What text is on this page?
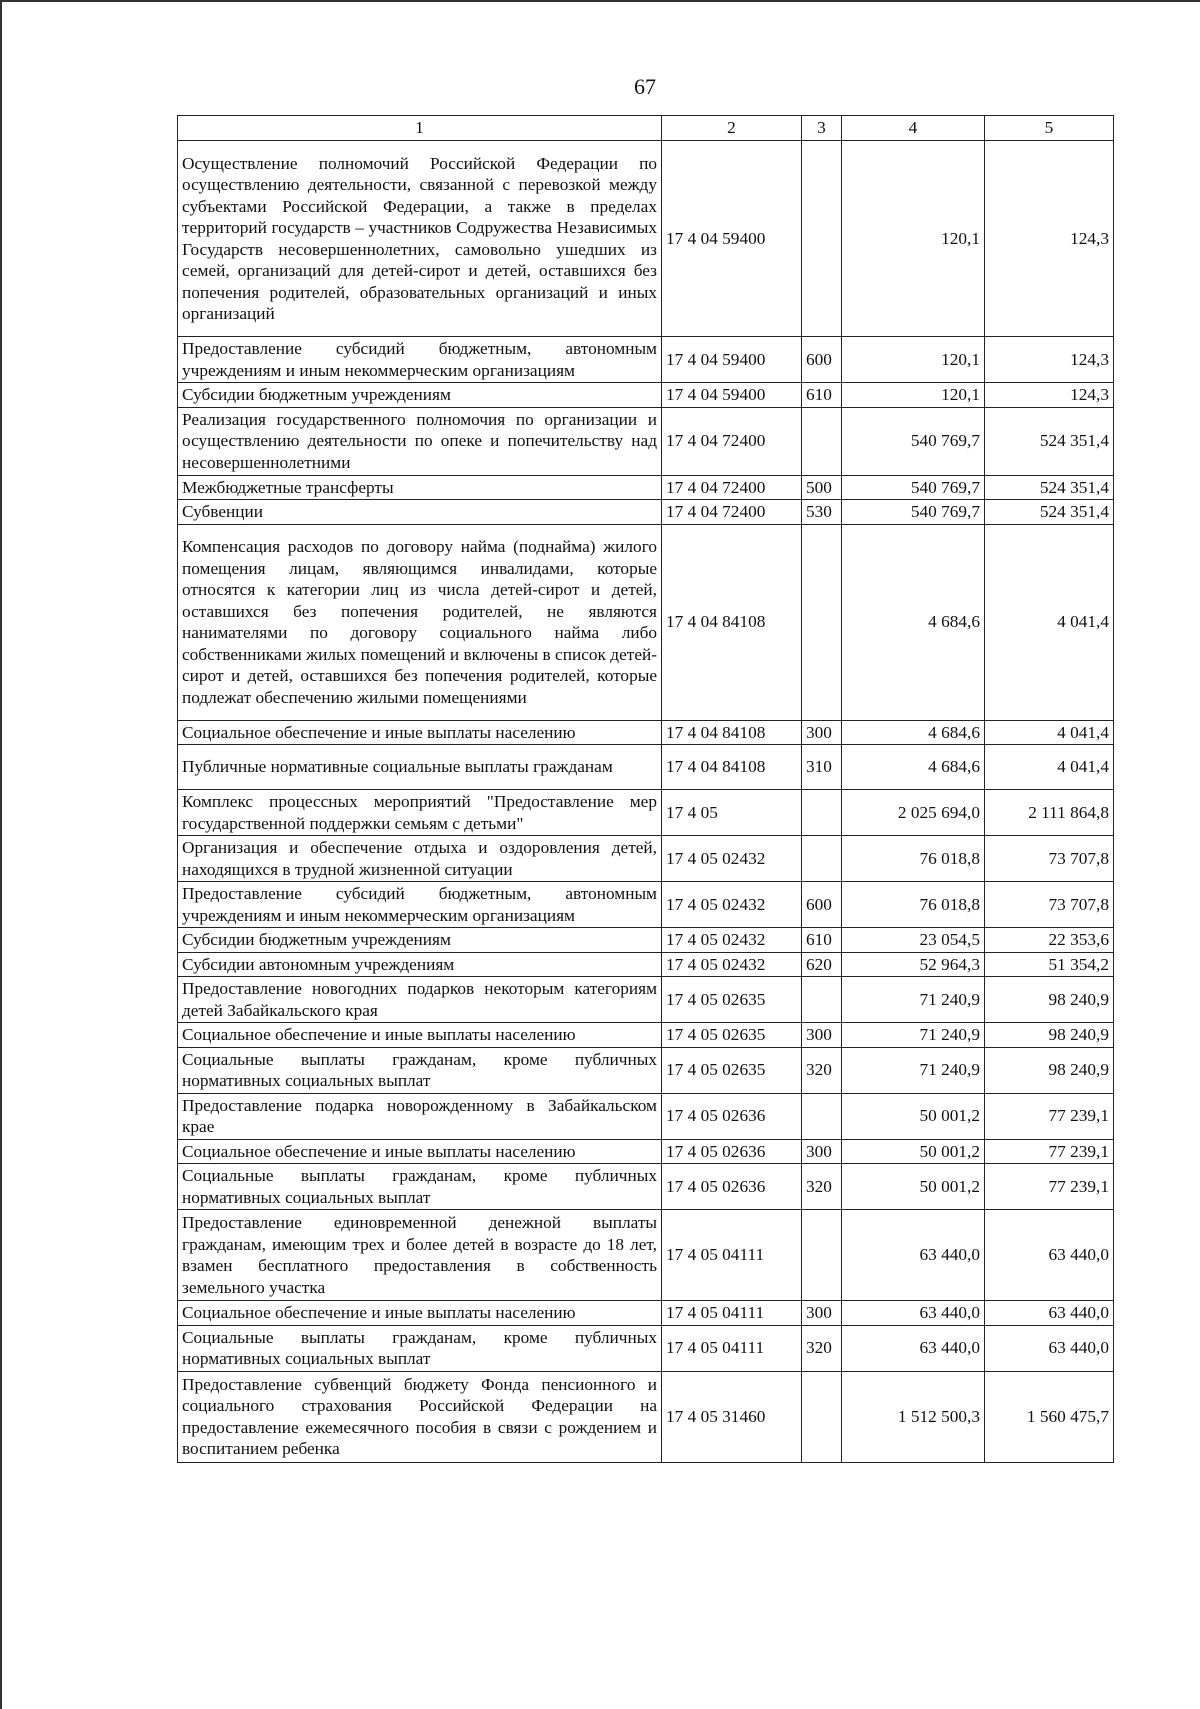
67
1	2	3	4	5
Осуществление полномочий Российской Федерации по осуществлению деятельности, связанной с перевозкой между субъектами Российской Федерации, а также в пределах территорий государств – участников Содружества Независимых Государств несовершеннолетних, самовольно ушедших из семей, организаций для детей-сирот и детей, оставшихся без попечения родителей, образовательных организаций и иных организаций	17 4 04 59400		120,1	124,3
Предоставление субсидий бюджетным, автономным учреждениям и иным некоммерческим организациям	17 4 04 59400	600	120,1	124,3
Субсидии бюджетным учреждениям	17 4 04 59400	610	120,1	124,3
Реализация государственного полномочия по организации и осуществлению деятельности по опеке и попечительству над несовершеннолетними	17 4 04 72400		540 769,7	524 351,4
Межбюджетные трансферты	17 4 04 72400	500	540 769,7	524 351,4
Субвенции	17 4 04 72400	530	540 769,7	524 351,4
Компенсация расходов по договору найма (поднайма) жилого помещения лицам, являющимся инвалидами, которые относятся к категории лиц из числа детей-сирот и детей, оставшихся без попечения родителей, не являются нанимателями по договору социального найма либо собственниками жилых помещений и включены в список детей-сирот и детей, оставшихся без попечения родителей, которые подлежат обеспечению жилыми помещениями	17 4 04 84108		4 684,6	4 041,4
Социальное обеспечение и иные выплаты населению	17 4 04 84108	300	4 684,6	4 041,4
Публичные нормативные социальные выплаты гражданам	17 4 04 84108	310	4 684,6	4 041,4
Комплекс процессных мероприятий "Предоставление мер государственной поддержки семьям с детьми"	17 4 05		2 025 694,0	2 111 864,8
Организация и обеспечение отдыха и оздоровления детей, находящихся в трудной жизненной ситуации	17 4 05 02432		76 018,8	73 707,8
Предоставление субсидий бюджетным, автономным учреждениям и иным некоммерческим организациям	17 4 05 02432	600	76 018,8	73 707,8
Субсидии бюджетным учреждениям	17 4 05 02432	610	23 054,5	22 353,6
Субсидии автономным учреждениям	17 4 05 02432	620	52 964,3	51 354,2
Предоставление новогодних подарков некоторым категориям детей Забайкальского края	17 4 05 02635		71 240,9	98 240,9
Социальное обеспечение и иные выплаты населению	17 4 05 02635	300	71 240,9	98 240,9
Социальные выплаты гражданам, кроме публичных нормативных социальных выплат	17 4 05 02635	320	71 240,9	98 240,9
Предоставление подарка новорожденному в Забайкальском крае	17 4 05 02636		50 001,2	77 239,1
Социальное обеспечение и иные выплаты населению	17 4 05 02636	300	50 001,2	77 239,1
Социальные выплаты гражданам, кроме публичных нормативных социальных выплат	17 4 05 02636	320	50 001,2	77 239,1
Предоставление единовременной денежной выплаты гражданам, имеющим трех и более детей в возрасте до 18 лет, взамен бесплатного предоставления в собственность земельного участка	17 4 05 04111		63 440,0	63 440,0
Социальное обеспечение и иные выплаты населению	17 4 05 04111	300	63 440,0	63 440,0
Социальные выплаты гражданам, кроме публичных нормативных социальных выплат	17 4 05 04111	320	63 440,0	63 440,0
Предоставление субвенций бюджету Фонда пенсионного и социального страхования Российской Федерации на предоставление ежемесячного пособия в связи с рождением и воспитанием ребенка	17 4 05 31460		1 512 500,3	1 560 475,7
